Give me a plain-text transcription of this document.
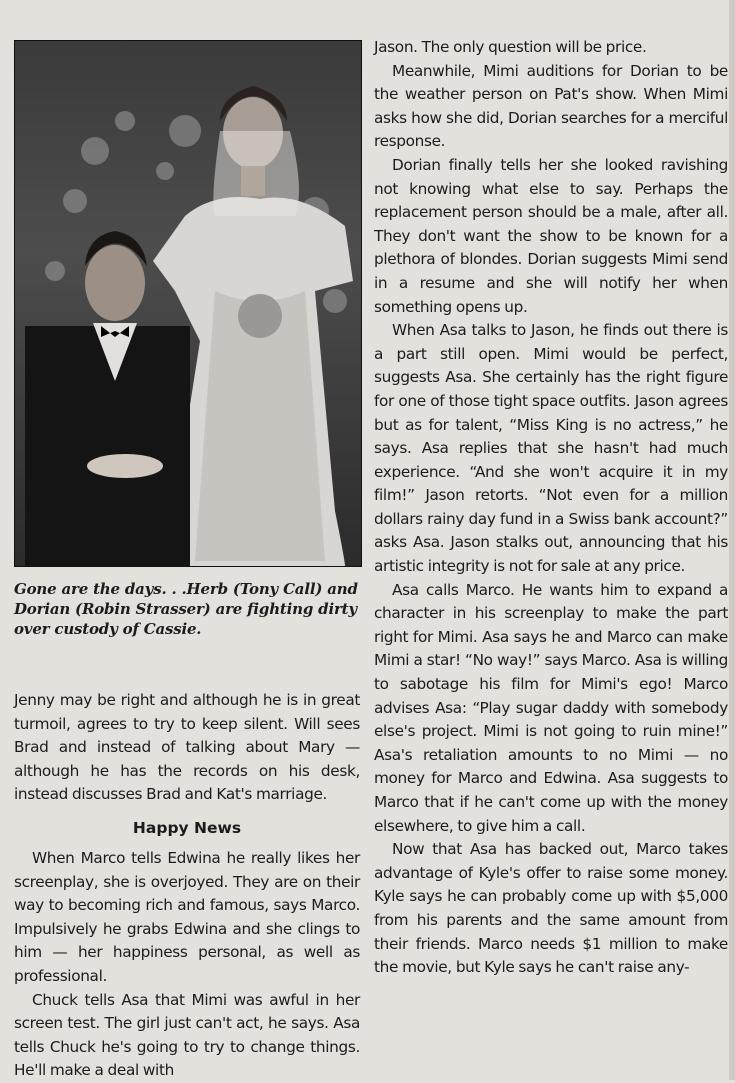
Gone are the days. . .Herb (Tony Call) and Dorian (Robin Strasser) are fighting dirty over custody of Cassie.

Jenny may be right and although he is in great turmoil, agrees to try to keep silent. Will sees Brad and instead of talking about Mary — although he has the records on his desk, instead discusses Brad and Kat's marriage.

Happy News

When Marco tells Edwina he really likes her screenplay, she is overjoyed. They are on their way to becoming rich and famous, says Marco. Impulsively he grabs Edwina and she clings to him — her happiness personal, as well as professional.

Chuck tells Asa that Mimi was awful in her screen test. The girl just can't act, he says. Asa tells Chuck he's going to try to change things. He'll make a deal with

Jason. The only question will be price.

Meanwhile, Mimi auditions for Dorian to be the weather person on Pat's show. When Mimi asks how she did, Dorian searches for a merciful response.

Dorian finally tells her she looked ravishing not knowing what else to say. Perhaps the replacement person should be a male, after all. They don't want the show to be known for a plethora of blondes. Dorian suggests Mimi send in a resume and she will notify her when something opens up.

When Asa talks to Jason, he finds out there is a part still open. Mimi would be perfect, suggests Asa. She certainly has the right figure for one of those tight space outfits. Jason agrees but as for talent, “Miss King is no actress,” he says. Asa replies that she hasn't had much experience. “And she won't acquire it in my film!” Jason retorts. “Not even for a million dollars rainy day fund in a Swiss bank account?” asks Asa. Jason stalks out, announcing that his artistic integrity is not for sale at any price.

Asa calls Marco. He wants him to expand a character in his screenplay to make the part right for Mimi. Asa says he and Marco can make Mimi a star! “No way!” says Marco. Asa is willing to sabotage his film for Mimi's ego! Marco advises Asa: “Play sugar daddy with somebody else's project. Mimi is not going to ruin mine!” Asa's retaliation amounts to no Mimi — no money for Marco and Edwina. Asa suggests to Marco that if he can't come up with the money elsewhere, to give him a call.

Now that Asa has backed out, Marco takes advantage of Kyle's offer to raise some money. Kyle says he can probably come up with $5,000 from his parents and the same amount from their friends. Marco needs $1 million to make the movie, but Kyle says he can't raise any-
